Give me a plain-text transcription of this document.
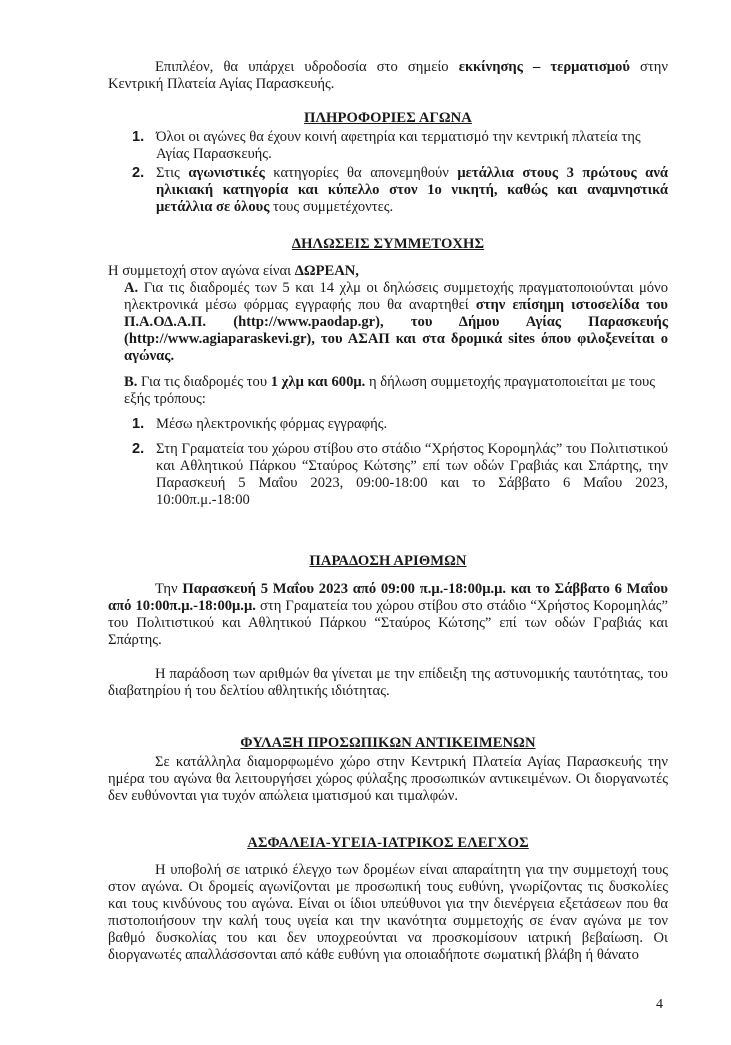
Επιπλέον, θα υπάρχει υδροδοσία στο σημείο εκκίνησης – τερματισμού στην Κεντρική Πλατεία Αγίας Παρασκευής.

ΠΛΗΡΟΦΟΡΙΕΣ ΑΓΩΝΑ

1. Όλοι οι αγώνες θα έχουν κοινή αφετηρία και τερματισμό την κεντρική πλατεία της Αγίας Παρασκευής.

2. Στις αγωνιστικές κατηγορίες θα απονεμηθούν μετάλλια στους 3 πρώτους ανά ηλικιακή κατηγορία και κύπελλο στον 1ο νικητή, καθώς και αναμνηστικά μετάλλια σε όλους τους συμμετέχοντες.

ΔΗΛΩΣΕΙΣ ΣΥΜΜΕΤΟΧΗΣ

Η συμμετοχή στον αγώνα είναι ΔΩΡΕΑΝ,

Α. Για τις διαδρομές των 5 και 14 χλμ οι δηλώσεις συμμετοχής πραγματοποιούνται μόνο ηλεκτρονικά μέσω φόρμας εγγραφής που θα αναρτηθεί στην επίσημη ιστοσελίδα του Π.Α.ΟΔ.Α.Π. (http://www.paodap.gr), του Δήμου Αγίας Παρασκευής (http://www.agiaparaskevi.gr), του ΑΣΑΠ και στα δρομικά sites όπου φιλοξενείται ο αγώνας.

Β. Για τις διαδρομές του 1 χλμ και 600μ. η δήλωση συμμετοχής πραγματοποιείται με τους εξής τρόπους:

1. Μέσω ηλεκτρονικής φόρμας εγγραφής.

2. Στη Γραματεία του χώρου στίβου στο στάδιο “Χρήστος Κορομηλάς” του Πολιτιστικού και Αθλητικού Πάρκου “Σταύρος Κώτσης” επί των οδών Γραβιάς και Σπάρτης, την Παρασκευή 5 Μαΐου 2023, 09:00-18:00 και το Σάββατο 6 Μαΐου 2023, 10:00π.μ.-18:00

ΠΑΡΑΔΟΣΗ ΑΡΙΘΜΩΝ

Την Παρασκευή 5 Μαΐου 2023 από 09:00 π.μ.-18:00μ.μ. και το Σάββατο 6 Μαΐου από 10:00π.μ.-18:00μ.μ. στη Γραματεία του χώρου στίβου στο στάδιο “Χρήστος Κορομηλάς” του Πολιτιστικού και Αθλητικού Πάρκου “Σταύρος Κώτσης” επί των οδών Γραβιάς και Σπάρτης.

Η παράδοση των αριθμών θα γίνεται με την επίδειξη της αστυνομικής ταυτότητας, του διαβατηρίου ή του δελτίου αθλητικής ιδιότητας.

ΦΥΛΑΞΗ ΠΡΟΣΩΠΙΚΩΝ ΑΝΤΙΚΕΙΜΕΝΩΝ

Σε κατάλληλα διαμορφωμένο χώρο στην Κεντρική Πλατεία Αγίας Παρασκευής την ημέρα του αγώνα θα λειτουργήσει χώρος φύλαξης προσωπικών αντικειμένων. Οι διοργανωτές δεν ευθύνονται για τυχόν απώλεια ιματισμού και τιμαλφών.

ΑΣΦΑΛΕΙΑ-ΥΓΕΙΑ-ΙΑΤΡΙΚΟΣ ΕΛΕΓΧΟΣ

Η υποβολή σε ιατρικό έλεγχο των δρομέων είναι απαραίτητη για την συμμετοχή τους στον αγώνα. Οι δρομείς αγωνίζονται με προσωπική τους ευθύνη, γνωρίζοντας τις δυσκολίες και τους κινδύνους του αγώνα. Είναι οι ίδιοι υπεύθυνοι για την διενέργεια εξετάσεων που θα πιστοποιήσουν την καλή τους υγεία και την ικανότητα συμμετοχής σε έναν αγώνα με τον βαθμό δυσκολίας του και δεν υποχρεούνται να προσκομίσουν ιατρική βεβαίωση. Οι διοργανωτές απαλλάσσονται από κάθε ευθύνη για οποιαδήποτε σωματική βλάβη ή θάνατο

4
